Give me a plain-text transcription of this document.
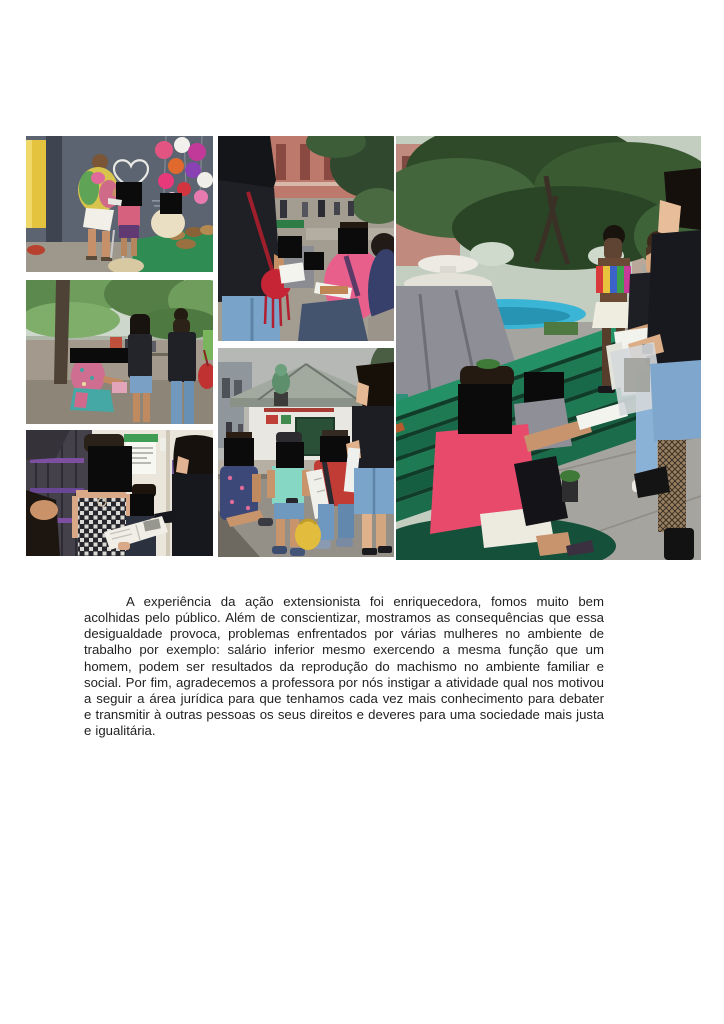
A experiência da ação extensionista foi enriquecedora, fomos muito bem acolhidas pelo público. Além de conscientizar, mostramos as consequências que essa desigualdade provoca, problemas enfrentados por várias mulheres no ambiente de trabalho por exemplo: salário inferior mesmo exercendo a mesma função que um homem, podem ser resultados da reprodução do machismo no ambiente familiar e social. Por fim, agradecemos a professora por nós instigar a atividade qual nos motivou a seguir a área jurídica para que tenhamos cada vez mais conhecimento para debater e transmitir à outras pessoas os seus direitos e deveres para uma sociedade mais justa e igualitária.
